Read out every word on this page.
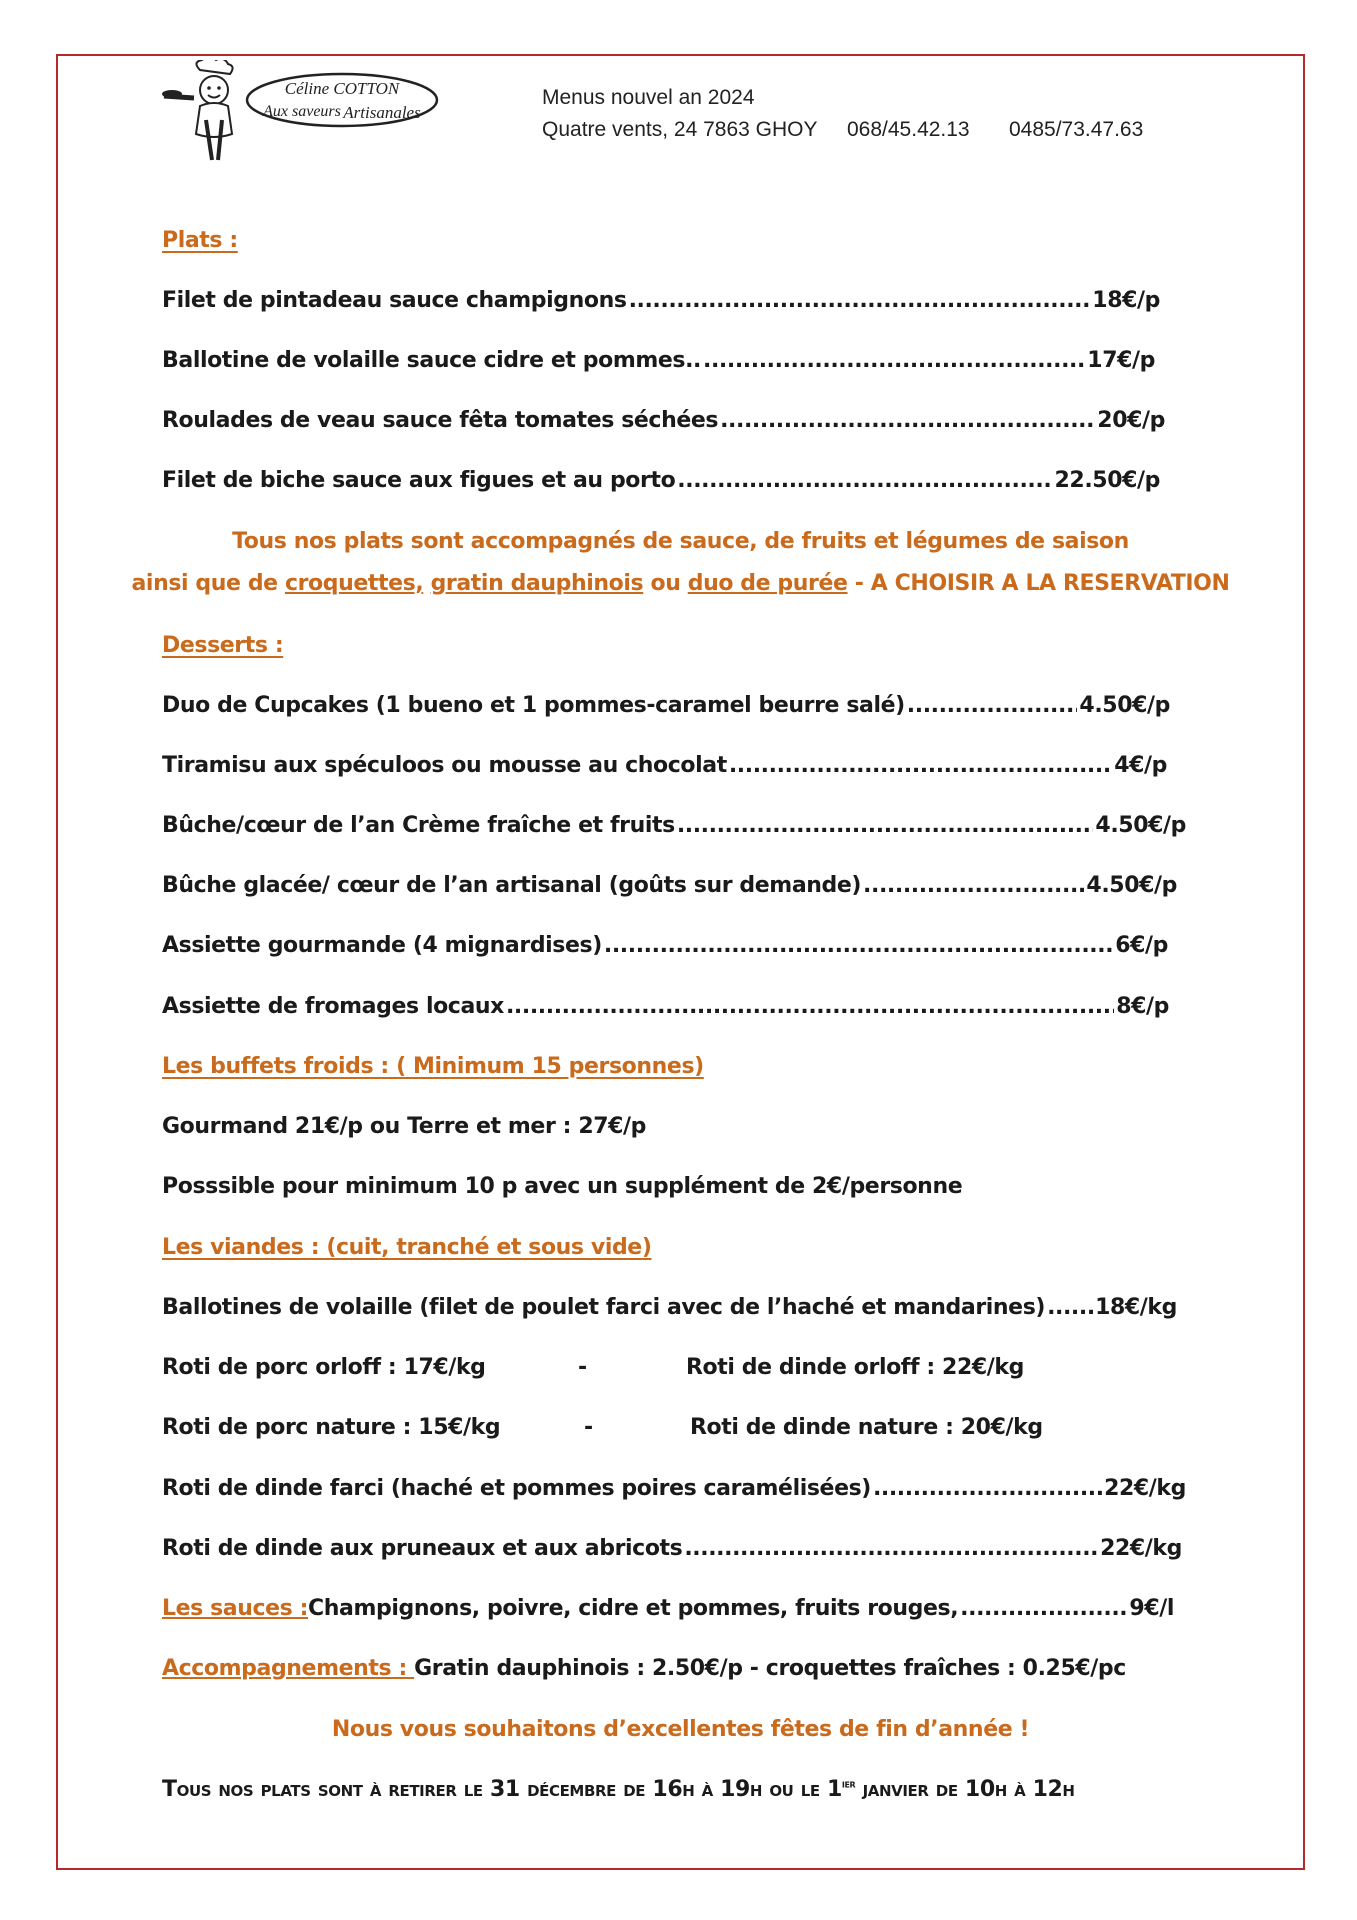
Céline COTTON
Aux saveurs Artisanales
Menus nouvel an 2024
Quatre vents, 24 7863 GHOY 068/45.42.13 0485/73.47.63
Plats :
Filet de pintadeau sauce champignons .....	18€/p
Ballotine de volaille sauce cidre et pommes.. .....	17€/p
Roulades de veau sauce fêta tomates séchées .....	20€/p
Filet de biche sauce aux figues et au porto .....	22.50€/p
Tous nos plats sont accompagnés de sauce, de fruits et légumes de saison
ainsi que de croquettes, gratin dauphinois ou duo de purée - A CHOISIR A LA RESERVATION
Desserts :
Duo de Cupcakes (1 bueno et 1 pommes-caramel beurre salé) .....	4.50€/p
Tiramisu aux spéculoos ou mousse au chocolat .....	4€/p
Bûche/cœur de l’an Crème fraîche et fruits .....	4.50€/p
Bûche glacée/ cœur de l’an artisanal (goûts sur demande) .....	4.50€/p
Assiette gourmande (4 mignardises) .....	6€/p
Assiette de fromages locaux .....	8€/p
Les buffets froids : ( Minimum 15 personnes)
Gourmand 21€/p ou Terre et mer : 27€/p
Posssible pour minimum 10 p avec un supplément de 2€/personne
Les viandes : (cuit, tranché et sous vide)
Ballotines de volaille (filet de poulet farci avec de l’haché et mandarines) ..... 18€/kg
Roti de porc orloff : 17€/kg	-	Roti de dinde orloff : 22€/kg
Roti de porc nature : 15€/kg	-	Roti de dinde nature : 20€/kg
Roti de dinde farci (haché et pommes poires caramélisées) .....	22€/kg
Roti de dinde aux pruneaux et aux abricots .....	22€/kg
Les sauces : Champignons, poivre, cidre et pommes, fruits rouges, .....	9€/l
Accompagnements : Gratin dauphinois : 2.50€/p - croquettes fraîches : 0.25€/pc
Nous vous souhaitons d’excellentes fêtes de fin d’année !
Tous nos plats sont à retirer le 31 décembre de 16h à 19h ou le $1^{ier}$ janvier de 10h à 12h
